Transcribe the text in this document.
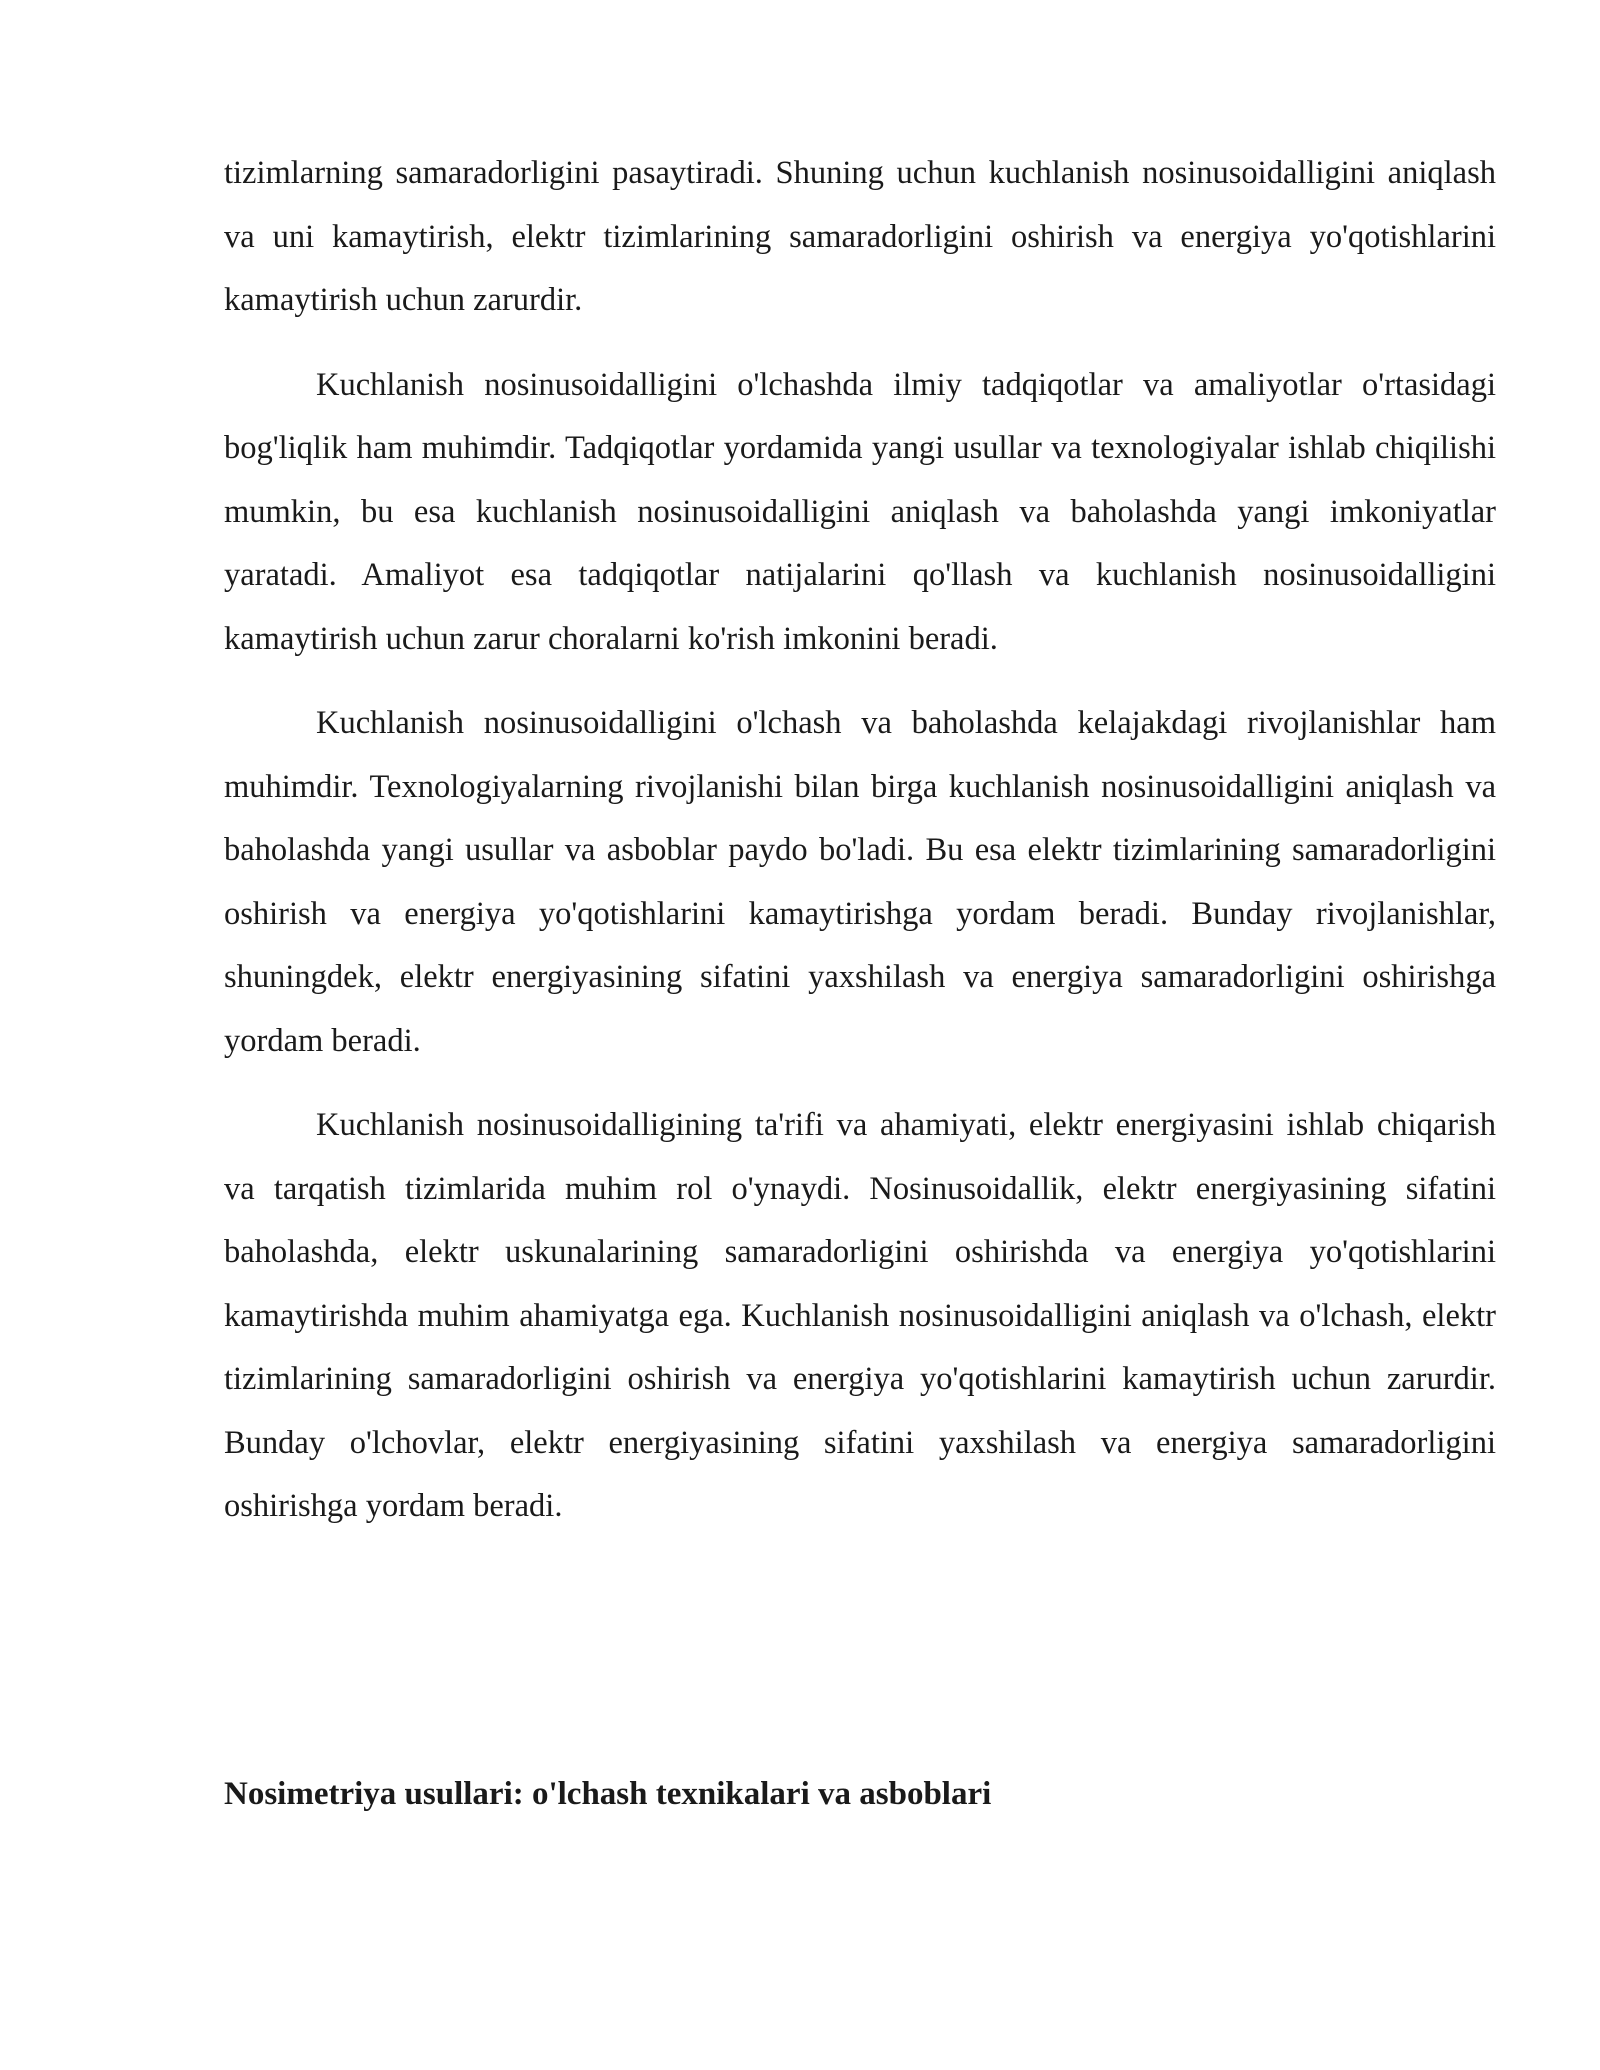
tizimlarning samaradorligini pasaytiradi. Shuning uchun kuchlanish nosinusoidalligini aniqlash va uni kamaytirish, elektr tizimlarining samaradorligini oshirish va energiya yo'qotishlarini kamaytirish uchun zarurdir.

Kuchlanish nosinusoidalligini o'lchashda ilmiy tadqiqotlar va amaliyotlar o'rtasidagi bog'liqlik ham muhimdir. Tadqiqotlar yordamida yangi usullar va texnologiyalar ishlab chiqilishi mumkin, bu esa kuchlanish nosinusoidalligini aniqlash va baholashda yangi imkoniyatlar yaratadi. Amaliyot esa tadqiqotlar natijalarini qo'llash va kuchlanish nosinusoidalligini kamaytirish uchun zarur choralarni ko'rish imkonini beradi.

Kuchlanish nosinusoidalligini o'lchash va baholashda kelajakdagi rivojlanishlar ham muhimdir. Texnologiyalarning rivojlanishi bilan birga kuchlanish nosinusoidalligini aniqlash va baholashda yangi usullar va asboblar paydo bo'ladi. Bu esa elektr tizimlarining samaradorligini oshirish va energiya yo'qotishlarini kamaytirishga yordam beradi. Bunday rivojlanishlar, shuningdek, elektr energiyasining sifatini yaxshilash va energiya samaradorligini oshirishga yordam beradi.

Kuchlanish nosinusoidalligining ta'rifi va ahamiyati, elektr energiyasini ishlab chiqarish va tarqatish tizimlarida muhim rol o'ynaydi. Nosinusoidallik, elektr energiyasining sifatini baholashda, elektr uskunalarining samaradorligini oshirishda va energiya yo'qotishlarini kamaytirishda muhim ahamiyatga ega. Kuchlanish nosinusoidalligini aniqlash va o'lchash, elektr tizimlarining samaradorligini oshirish va energiya yo'qotishlarini kamaytirish uchun zarurdir. Bunday o'lchovlar, elektr energiyasining sifatini yaxshilash va energiya samaradorligini oshirishga yordam beradi.

Nosimetriya usullari: o'lchash texnikalari va asboblari
